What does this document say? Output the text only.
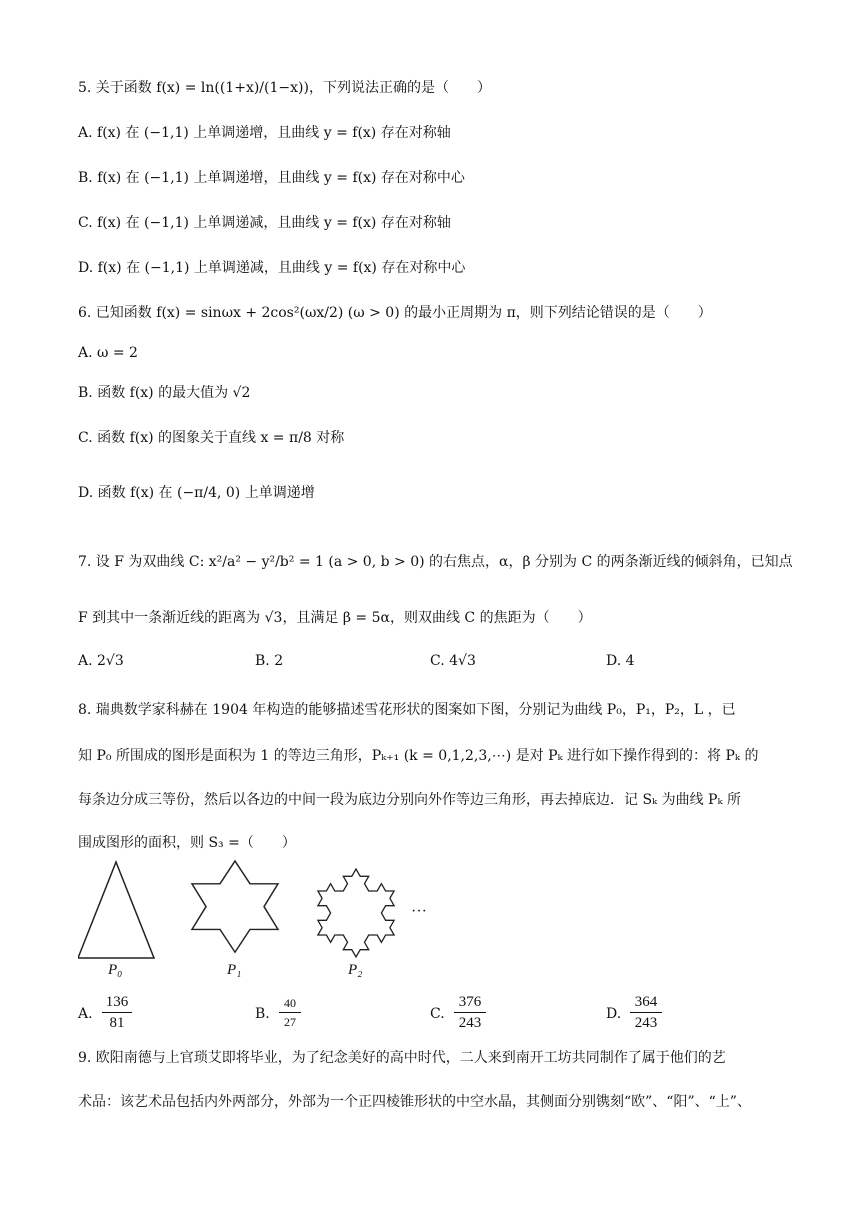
5. 关于函数 f(x) = ln((1+x)/(1−x))，下列说法正确的是（　　）
A. f(x) 在 (−1,1) 上单调递增，且曲线 y = f(x) 存在对称轴
B. f(x) 在 (−1,1) 上单调递增，且曲线 y = f(x) 存在对称中心
C. f(x) 在 (−1,1) 上单调递减，且曲线 y = f(x) 存在对称轴
D. f(x) 在 (−1,1) 上单调递减，且曲线 y = f(x) 存在对称中心
6. 已知函数 f(x) = sinωx + 2cos²(ωx/2) (ω > 0) 的最小正周期为 π，则下列结论错误的是（　　）
A. ω = 2
B. 函数 f(x) 的最大值为 √2
C. 函数 f(x) 的图象关于直线 x = π/8 对称
D. 函数 f(x) 在 (−π/4, 0) 上单调递增
7. 设 F 为双曲线 C: x²/a² − y²/b² = 1 (a > 0, b > 0) 的右焦点，α，β 分别为 C 的两条渐近线的倾斜角，已知点
F 到其中一条渐近线的距离为 √3，且满足 β = 5α，则双曲线 C 的焦距为（　　）
A. 2√3	B. 2	C. 4√3	D. 4
8. 瑞典数学家科赫在 1904 年构造的能够描述雪花形状的图案如下图，分别记为曲线 P₀，P₁，P₂，L ，已
知 P₀ 所围成的图形是面积为 1 的等边三角形，Pₖ₊₁ (k = 0,1,2,3,⋯) 是对 Pₖ 进行如下操作得到的：将 Pₖ 的
每条边分成三等份，然后以各边的中间一段为底边分别向外作等边三角形，再去掉底边．记 Sₖ 为曲线 Pₖ 所
围成图形的面积，则 S₃ =（　　）
···
P₀	P₁	P₂
A. $\frac{136}{81}$	B. $\frac{40}{27}$	C. $\frac{376}{243}$	D. $\frac{364}{243}$
9. 欧阳南德与上官琐艾即将毕业，为了纪念美好的高中时代，二人来到南开工坊共同制作了属于他们的艺
术品：该艺术品包括内外两部分，外部为一个正四棱锥形状的中空水晶，其侧面分别镌刻“欧”、“阳”、“上”、
